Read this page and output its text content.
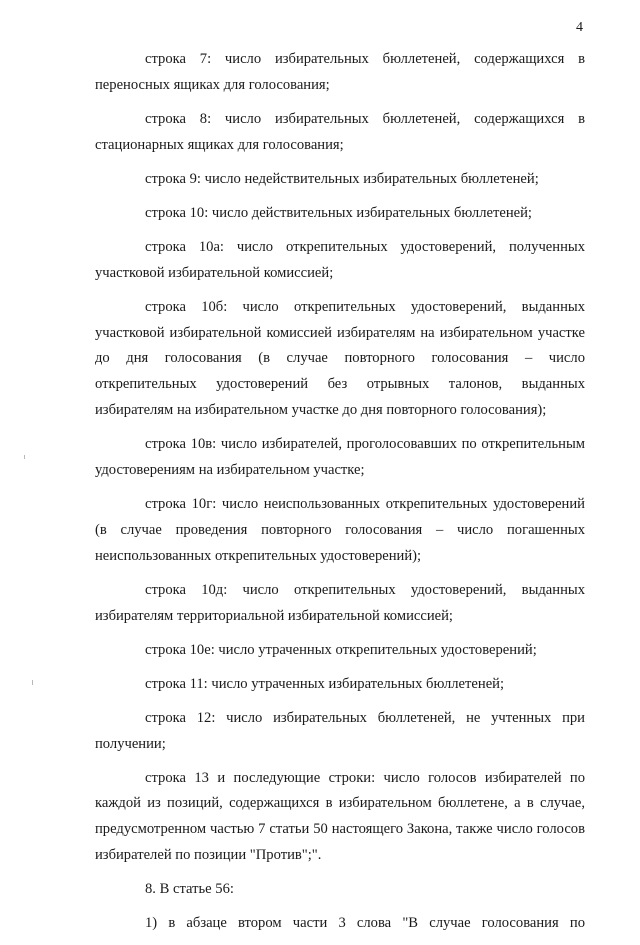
4

строка 7: число избирательных бюллетеней, содержащихся в переносных ящиках для голосования;

строка 8: число избирательных бюллетеней, содержащихся в стационарных ящиках для голосования;

строка 9: число недействительных избирательных бюллетеней;

строка 10: число действительных избирательных бюллетеней;

строка 10а: число открепительных удостоверений, полученных участковой избирательной комиссией;

строка 10б: число открепительных удостоверений, выданных участковой избирательной комиссией избирателям на избирательном участке до дня голосования (в случае повторного голосования – число открепительных удостоверений без отрывных талонов, выданных избирателям на избирательном участке до дня повторного голосования);

строка 10в: число избирателей, проголосовавших по открепительным удостоверениям на избирательном участке;

строка 10г: число неиспользованных открепительных удостоверений (в случае проведения повторного голосования – число погашенных неиспользованных открепительных удостоверений);

строка 10д: число открепительных удостоверений, выданных избирателям территориальной избирательной комиссией;

строка 10е: число утраченных открепительных удостоверений;

строка 11: число утраченных избирательных бюллетеней;

строка 12: число избирательных бюллетеней, не учтенных при получении;

строка 13 и последующие строки: число голосов избирателей по каждой из позиций, содержащихся в избирательном бюллетене, а в случае, предусмотренном частью 7 статьи 50 настоящего Закона, также число голосов избирателей по позиции "Против";".

8. В статье 56:

1) в абзаце втором части 3 слова "В случае голосования по
